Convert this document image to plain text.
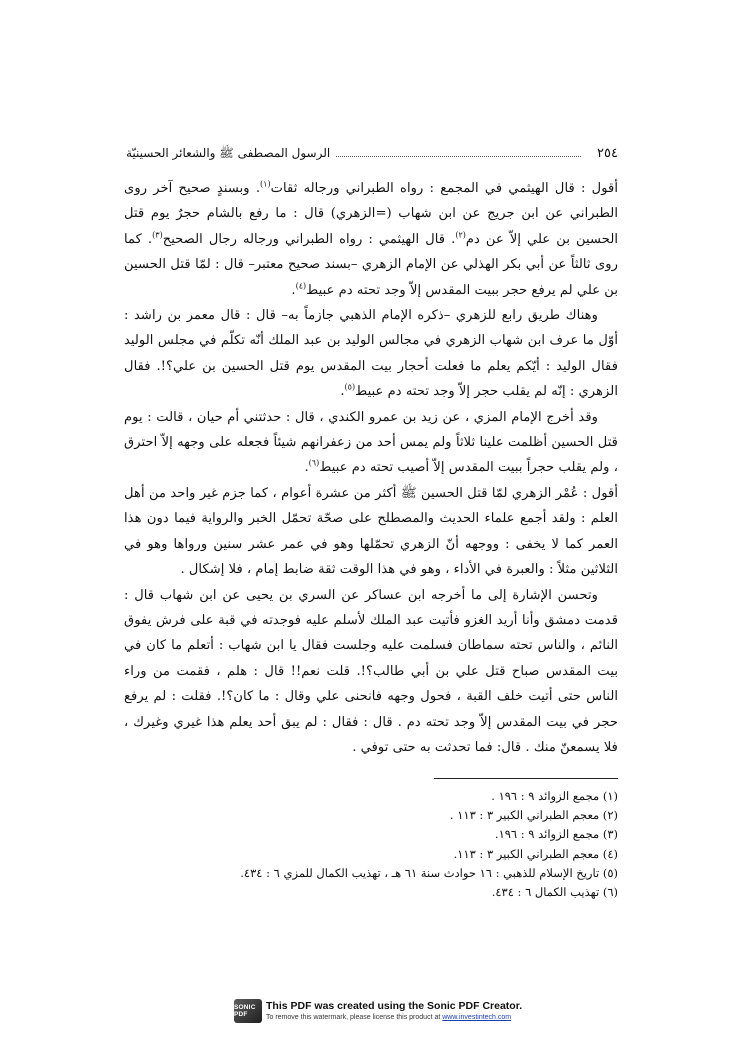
٢٥٤
الرسول المصطفى ﷺ والشعائر الحسينيّة

أقول : قال الهيثمي في المجمع : رواه الطبراني ورجاله ثقات$^{(١)}$. وبسندٍ صحيح آخر روى الطبراني عن ابن جريج عن ابن شهاب (=الزهري) قال : ما رفع بالشام حجرٌ يوم قتل الحسين بن علي إلاّ عن دم$^{(٢)}$. قال الهيثمي : رواه الطبراني ورجاله رجال الصحيح$^{(٣)}$. كما روى ثالثاً عن أبي بكر الهذلي عن الإمام الزهري –بسند صحيح معتبر– قال : لمّا قتل الحسين بن علي لم يرفع حجر ببيت المقدس إلاّ وجد تحته دم عبيط$^{(٤)}$.

وهناك طريق رابع للزهري –ذكره الإمام الذهبي جازماً به– قال : قال معمر بن راشد : أوّل ما عرف ابن شهاب الزهري في مجالس الوليد بن عبد الملك أنّه تكلّم في مجلس الوليد فقال الوليد : أيّكم يعلم ما فعلت أحجار بيت المقدس يوم قتل الحسين بن علي؟!. فقال الزهري : إنّه لم يقلب حجر إلاّ وجد تحته دم عبيط$^{(٥)}$.

وقد أخرج الإمام المزي ، عن زيد بن عمرو الكندي ، قال : حدثتني أم حيان ، قالت : يوم قتل الحسين أظلمت علينا ثلاثاً ولم يمس أحد من زعفرانهم شيئاً فجعله على وجهه إلاّ احترق ، ولم يقلب حجراً ببيت المقدس إلاّ أصيب تحته دم عبيط$^{(٦)}$.

أقول : عُمْر الزهري لمّا قتل الحسين ﷺ أكثر من عشرة أعوام ، كما جزم غير واحد من أهل العلم : ولقد أجمع علماء الحديث والمصطلح على صحّة تحمّل الخبر والرواية فيما دون هذا العمر كما لا يخفى : ووجهه أنّ الزهري تحمّلها وهو في عمر عشر سنين ورواها وهو في الثلاثين مثلاً : والعبرة في الأداء ، وهو في هذا الوقت ثقة ضابط إمام ، فلا إشكال .

وتحسن الإشارة إلى ما أخرجه ابن عساكر عن السري بن يحيى عن ابن شهاب قال : قدمت دمشق وأنا أريد الغزو فأتيت عبد الملك لأسلم عليه فوجدته في قبة على فرش يفوق النائم ، والناس تحته سماطان فسلمت عليه وجلست فقال يا ابن شهاب : أتعلم ما كان في بيت المقدس صباح قتل علي بن أبي طالب؟!. قلت نعم!! قال : هلم ، فقمت من وراء الناس حتى أتيت خلف القبة ، فحول وجهه فانحنى علي وقال : ما كان؟!. فقلت : لم يرفع حجر في بيت المقدس إلاّ وجد تحته دم . قال : فقال : لم يبق أحد يعلم هذا غيري وغيرك ، فلا يسمعنّ منك . قال: فما تحدثت به حتى توفي .

(١) مجمع الزوائد ٩ : ١٩٦ .
(٢) معجم الطبراني الكبير ٣ : ١١٣ .
(٣) مجمع الزوائد ٩ : ١٩٦.
(٤) معجم الطبراني الكبير ٣ : ١١٣.
(٥) تاريخ الإسلام للذهبي : ١٦ حوادث سنة ٦١ هـ ، تهذيب الكمال للمزي ٦ : ٤٣٤.
(٦) تهذيب الكمال ٦ : ٤٣٤.
SONIC PDF
This PDF was created using the Sonic PDF Creator.
To remove this watermark, please license this product at www.investintech.com
